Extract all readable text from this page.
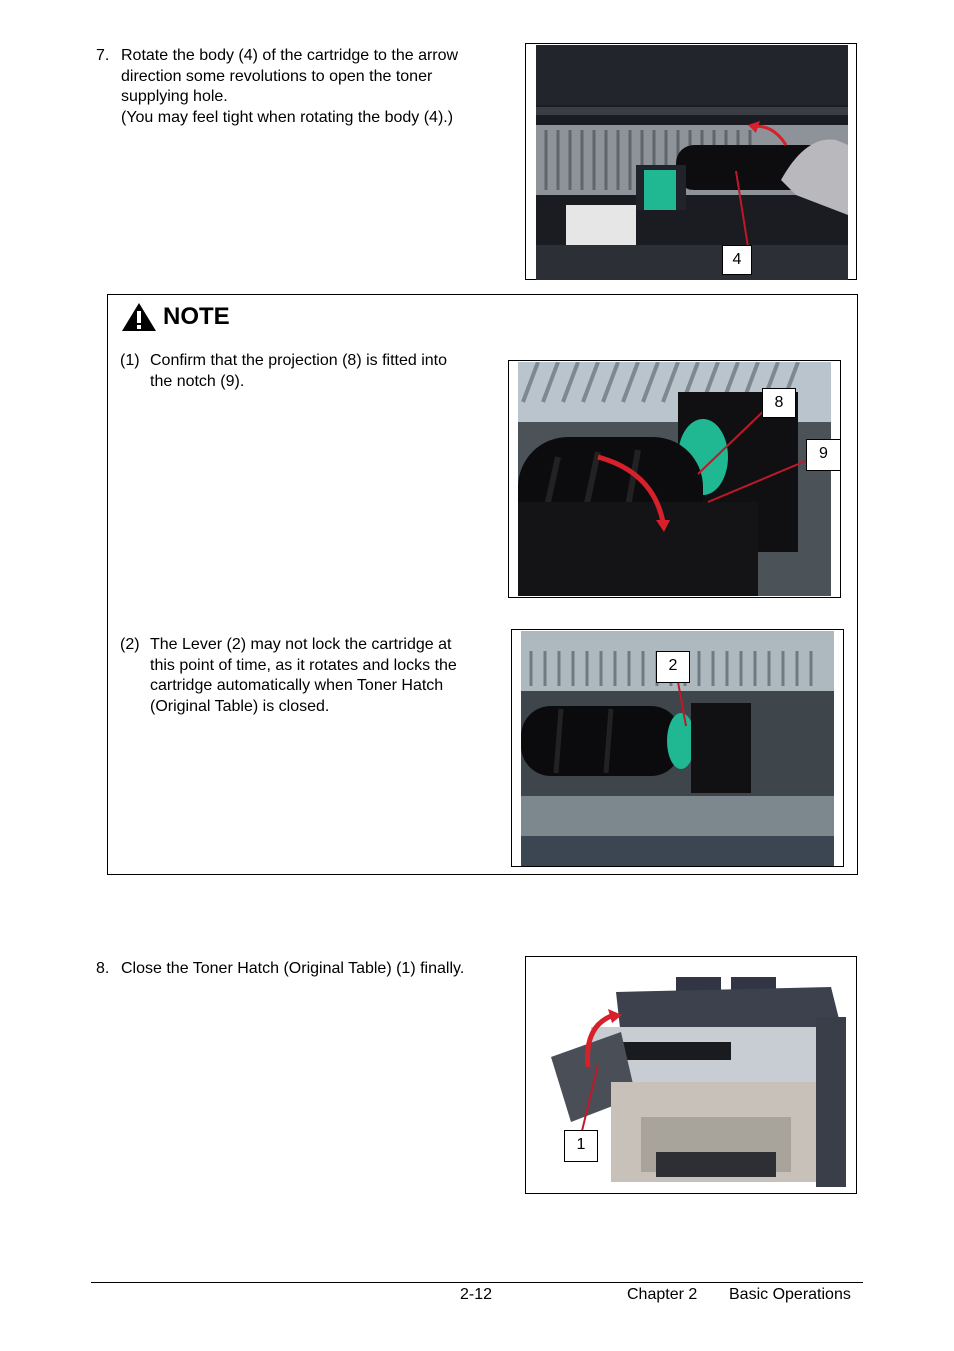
7. Rotate the body (4) of the cartridge to the arrow
direction some revolutions to open the toner
supplying hole.
(You may feel tight when rotating the body (4).)
4
NOTE
(1) Confirm that the projection (8) is fitted into
the notch (9).
8
9
(2) The Lever (2) may not lock the cartridge at
this point of time, as it rotates and locks the
cartridge automatically when Toner Hatch
(Original Table) is closed.
2
8. Close the Toner Hatch (Original Table) (1) finally.
1
2-12	Chapter 2 Basic Operations
